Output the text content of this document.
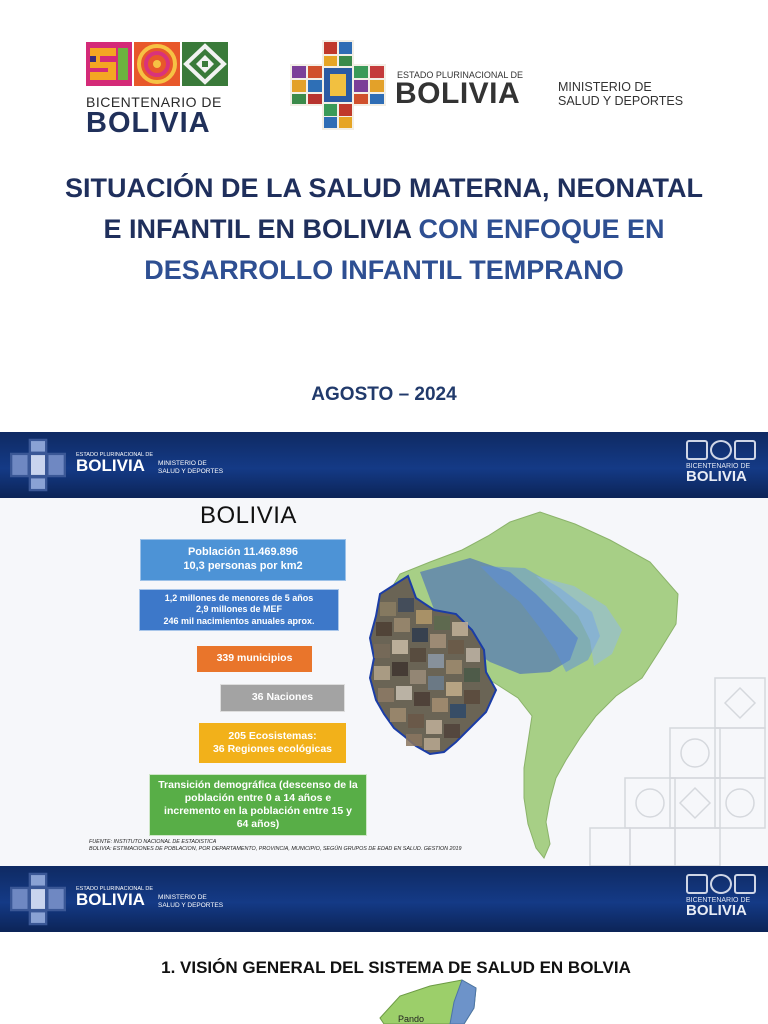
BICENTENARIO DE
BOLIVIA
ESTADO PLURINACIONAL DE
BOLIVIA	MINISTERIO DE
SALUD Y DEPORTES
SITUACIÓN DE LA SALUD MATERNA, NEONATAL E INFANTIL EN BOLIVIA CON ENFOQUE EN DESARROLLO INFANTIL TEMPRANO
AGOSTO – 2024
ESTADO PLURINACIONAL DE
BOLIVIA MINISTERIO DE
SALUD Y DEPORTES
BICENTENARIO DE
BOLIVIA
BOLIVIA
Población 11.469.896
10,3 personas por km2
1,2 millones de menores de 5 años
2,9 millones de MEF
246 mil nacimientos anuales aprox.
339 municipios
36 Naciones
205 Ecosistemas:
36 Regiones ecológicas
Transición demográfica (descenso de la población entre 0 a 14 años e incremento en la población entre 15 y 64 años)
FUENTE: INSTITUTO NACIONAL DE ESTADISTICA
BOLIVIA: ESTIMACIONES DE POBLACION, POR DEPARTAMENTO, PROVINCIA, MUNICIPIO, SEGÚN GRUPOS DE EDAD EN SALUD. GESTION 2019
ESTADO PLURINACIONAL DE
BOLIVIA MINISTERIO DE
SALUD Y DEPORTES
BICENTENARIO DE
BOLIVIA
1. VISIÓN GENERAL DEL SISTEMA DE SALUD EN BOLVIA
Pando
